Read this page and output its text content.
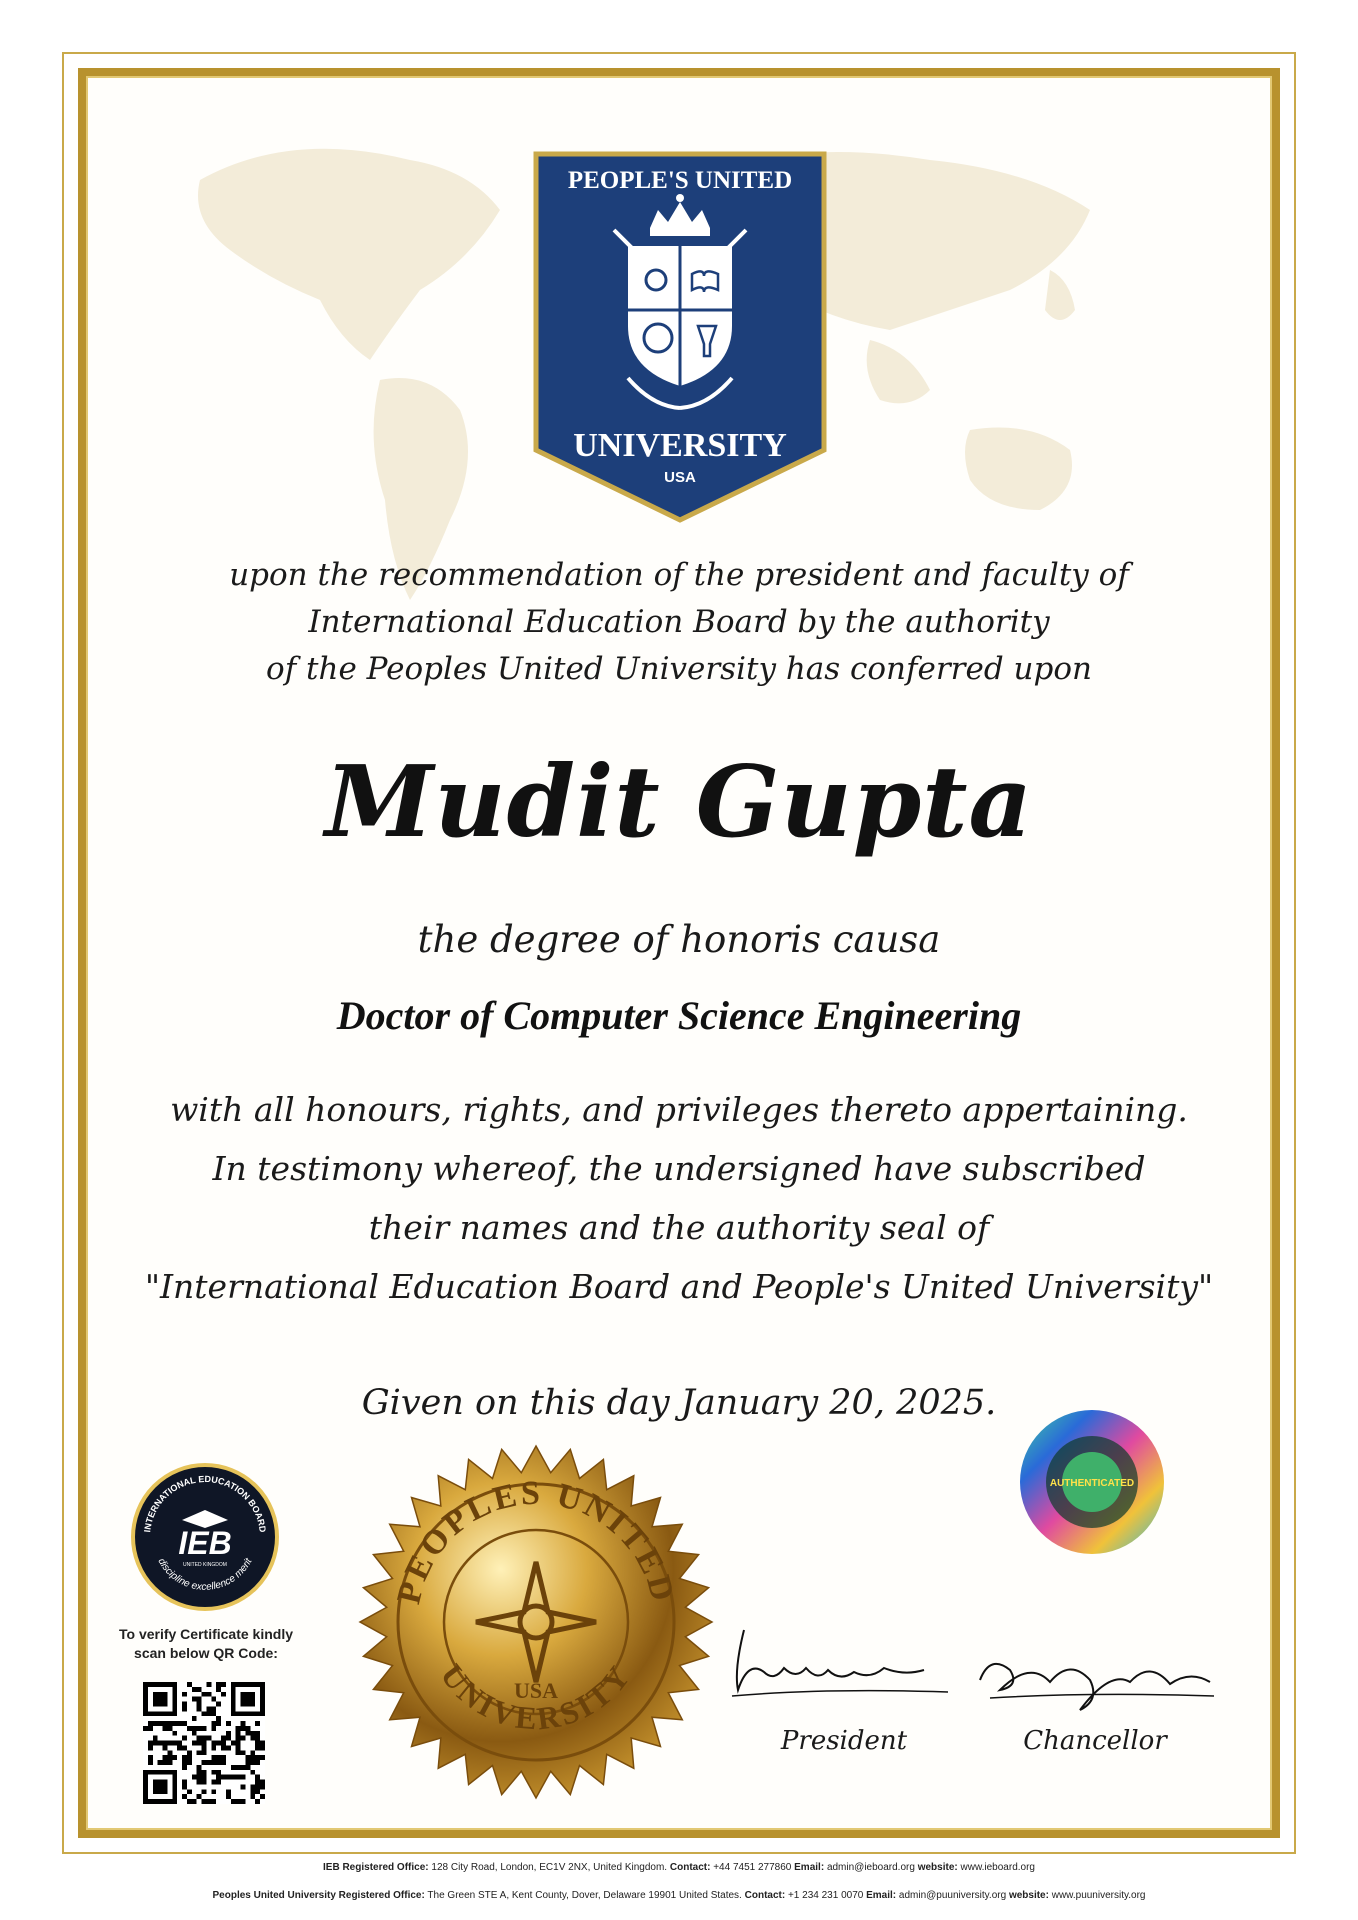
PEOPLE'S UNITED
UNIVERSITY
USA
upon the recommendation of the president and faculty of
International Education Board by the authority
of the Peoples United University has conferred upon
Mudit Gupta

the degree of honoris causa

Doctor of Computer Science Engineering

with all honours, rights, and privileges thereto appertaining.
In testimony whereof, the undersigned have subscribed
their names and the authority seal of
"International Education Board and People's United University"

Given on this day January 20, 2025.

INTERNATIONAL EDUCATION BOARD
IEB
UNITED KINGDOM
discipline excellence merit

To verify Certificate kindly
scan below QR Code:

PEOPLES UNITED
UNIVERSITY
USA
AUTHENTICATED

President	Chancellor

IEB Registered Office: 128 City Road, London, EC1V 2NX, United Kingdom. Contact: +44 7451 277860 Email: admin@ieboard.org website: www.ieboard.org

Peoples United University Registered Office: The Green STE A, Kent County, Dover, Delaware 19901 United States. Contact: +1 234 231 0070 Email: admin@puuniversity.org website: www.puuniversity.org
